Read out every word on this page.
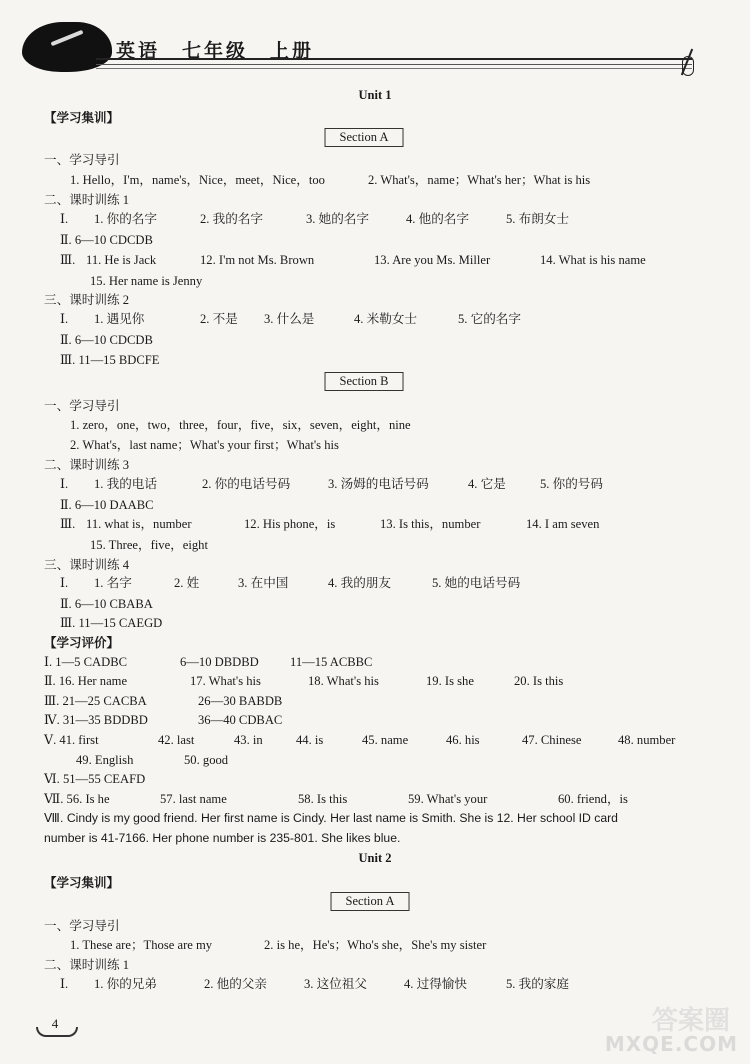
英语　七年级　上册
Unit 1
【学习集训】
Section A
一、学习导引
1. Hello，I'm，name's，Nice，meet，Nice，too	2. What's，name；What's her；What is his
二、课时训练 1
Ⅰ. 1. 你的名字	2. 我的名字	3. 她的名字	4. 他的名字	5. 布朗女士
Ⅱ. 6—10 CDCDB
Ⅲ. 11. He is Jack	12. I'm not Ms. Brown	13. Are you Ms. Miller	14. What is his name
15. Her name is Jenny
三、课时训练 2
Ⅰ. 1. 遇见你	2. 不是 3. 什么是	4. 米勒女士	5. 它的名字
Ⅱ. 6—10 CDCDB
Ⅲ. 11—15 BDCFE
Section B
一、学习导引
1. zero，one，two，three，four，five，six，seven，eight，nine
2. What's，last name；What's your first；What's his
二、课时训练 3
Ⅰ. 1. 我的电话	2. 你的电话号码	3. 汤姆的电话号码	4. 它是	5. 你的号码
Ⅱ. 6—10 DAABC
Ⅲ. 11. what is，number	12. His phone，is	13. Is this，number	14. I am seven
15. Three，five，eight
三、课时训练 4
Ⅰ. 1. 名字	2. 姓	3. 在中国	4. 我的朋友	5. 她的电话号码
Ⅱ. 6—10 CBABA
Ⅲ. 11—15 CAEGD
【学习评价】
Ⅰ. 1—5 CADBC	6—10 DBDBD 11—15 ACBBC
Ⅱ. 16. Her name	17. What's his	18. What's his	19. Is she	20. Is this
Ⅲ. 21—25 CACBA	26—30 BABDB
Ⅳ. 31—35 BDDBD	36—40 CDBAC
Ⅴ. 41. first	42. last	43. in	44. is	45. name	46. his	47. Chinese	48. number
49. English	50. good
Ⅵ. 51—55 CEAFD
Ⅶ. 56. Is he	57. last name	58. Is this	59. What's your	60. friend，is
Ⅷ. Cindy is my good friend. Her first name is Cindy. Her last name is Smith. She is 12. Her school ID card
number is 41-7166. Her phone number is 235-801. She likes blue.
Unit 2
【学习集训】
Section A
一、学习导引
1. These are；Those are my	2. is he，He's；Who's she，She's my sister
二、课时训练 1
Ⅰ. 1. 你的兄弟	2. 他的父亲	3. 这位祖父	4. 过得愉快	5. 我的家庭
4	答案圈
MXQE.COM
